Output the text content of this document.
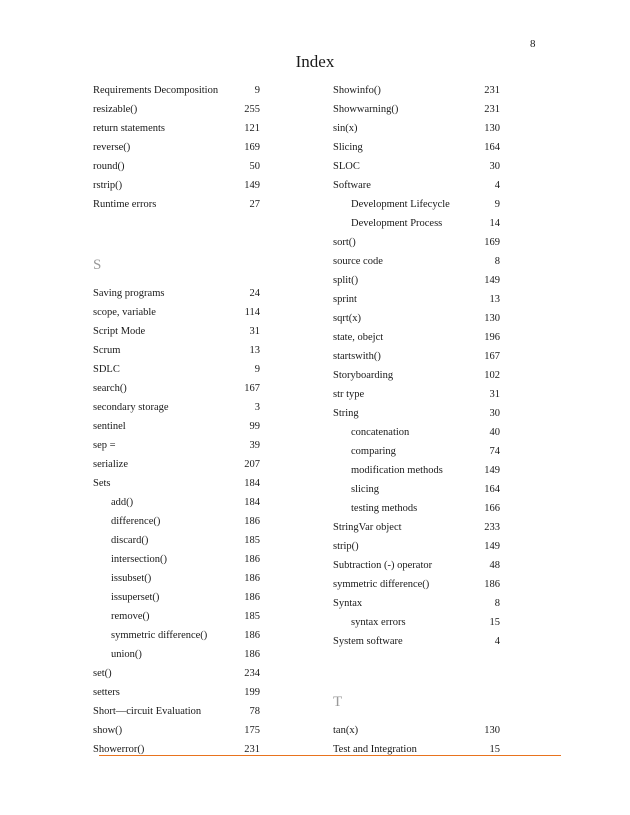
8
Index
Requirements Decomposition	9
resizable()	255
return statements	121
reverse()	169
round()	50
rstrip()	149
Runtime errors	27
S
Saving programs	24
scope, variable	114
Script Mode	31
Scrum	13
SDLC	9
search()	167
secondary storage	3
sentinel	99
sep =	39
serialize	207
Sets	184
add()	184
difference()	186
discard()	185
intersection()	186
issubset()	186
issuperset()	186
remove()	185
symmetric difference()	186
union()	186
set()	234
setters	199
Short—circuit Evaluation	78
show()	175
Showerror()	231
Showinfo()	231
Showwarning()	231
sin(x)	130
Slicing	164
SLOC	30
Software	4
Development Lifecycle	9
Development Process	14
sort()	169
source code	8
split()	149
sprint	13
sqrt(x)	130
state, obejct	196
startswith()	167
Storyboarding	102
str type	31
String	30
concatenation	40
comparing	74
modification methods	149
slicing	164
testing methods	166
StringVar object	233
strip()	149
Subtraction (-) operator	48
symmetric difference()	186
Syntax	8
syntax errors	15
System software	4
T
tan(x)	130
Test and Integration	15
